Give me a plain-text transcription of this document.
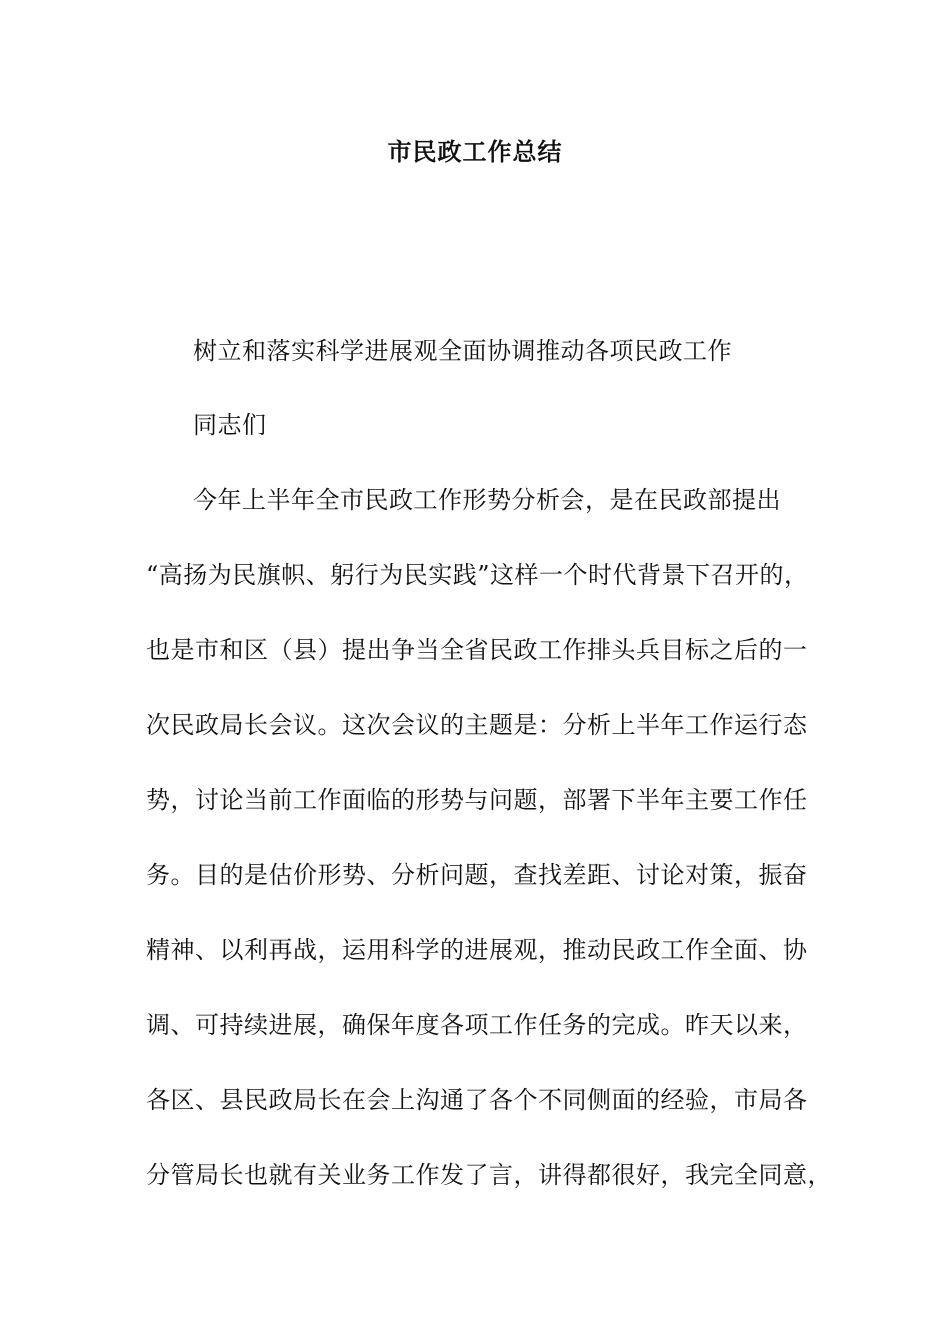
市民政工作总结
树立和落实科学进展观全面协调推动各项民政工作
同志们
今年上半年全市民政工作形势分析会，是在民政部提出
“高扬为民旗帜、躬行为民实践”这样一个时代背景下召开的，
也是市和区（县）提出争当全省民政工作排头兵目标之后的一
次民政局长会议。这次会议的主题是：分析上半年工作运行态
势，讨论当前工作面临的形势与问题，部署下半年主要工作任
务。目的是估价形势、分析问题，查找差距、讨论对策，振奋
精神、以利再战，运用科学的进展观，推动民政工作全面、协
调、可持续进展，确保年度各项工作任务的完成。昨天以来，
各区、县民政局长在会上沟通了各个不同侧面的经验，市局各
分管局长也就有关业务工作发了言，讲得都很好，我完全同意，
